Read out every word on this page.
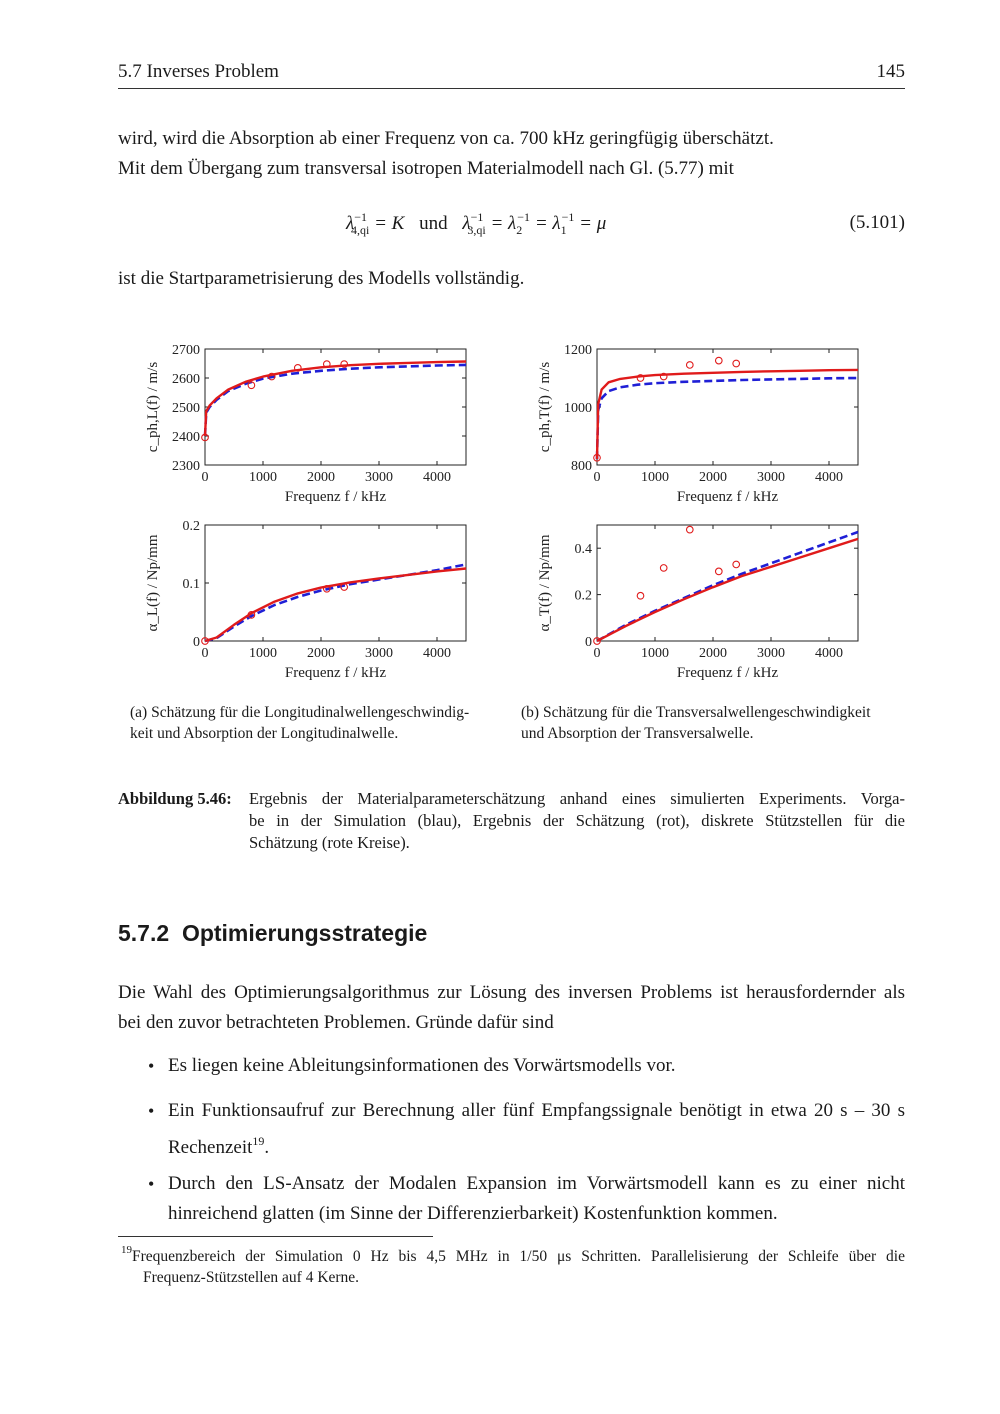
5.7 Inverses Problem	145
wird, wird die Absorption ab einer Frequenz von ca. 700 kHz geringfügig überschätzt.
Mit dem Übergang zum transversal isotropen Materialmodell nach Gl. (5.77) mit
$\lambda^{-1}_{4,qi} = K$ und $\lambda^{-1}_{3,qi} = \lambda_2^{-1} = \lambda_1^{-1} = \mu$	(5.101)
ist die Startparametrisierung des Modells vollständig.
0	1000 2000 3000 4000
2300
2400
2500
2600
2700
Frequenz f / kHz
c_ph,L(f) / m/s
0	1000 2000 3000 4000
800
1000
1200
Frequenz f / kHz
c_ph,T(f) / m/s
0	1000 2000 3000 4000
0
0.1
0.2
Frequenz f / kHz
α_L(f) / Np/mm
0	1000 2000 3000 4000
0
0.2
0.4
Frequenz f / kHz
α_T(f) / Np/mm
(a) Schätzung für die Longitudinalwellengeschwindig-
keit und Absorption der Longitudinalwelle.
(b) Schätzung für die Transversalwellengeschwindigkeit
und Absorption der Transversalwelle.
Abbildung 5.46: Ergebnis der Materialparameterschätzung anhand eines simulierten Experiments. Vorga-
be in der Simulation (blau), Ergebnis der Schätzung (rot), diskrete Stützstellen für die
Schätzung (rote Kreise).
5.7.2 Optimierungsstrategie
Die Wahl des Optimierungsalgorithmus zur Lösung des inversen Problems ist herausfordernder als
bei den zuvor betrachteten Problemen. Gründe dafür sind
• Es liegen keine Ableitungsinformationen des Vorwärtsmodells vor.
• Ein Funktionsaufruf zur Berechnung aller fünf Empfangssignale benötigt in etwa 20 s – 30 s
Rechenzeit$^{19}$.
• Durch den LS-Ansatz der Modalen Expansion im Vorwärtsmodell kann es zu einer nicht
hinreichend glatten (im Sinne der Differenzierbarkeit) Kostenfunktion kommen.
$^{19}$Frequenzbereich der Simulation 0 Hz bis 4,5 MHz in 1/50 μs Schritten. Parallelisierung der Schleife über die
Frequenz-Stützstellen auf 4 Kerne.
